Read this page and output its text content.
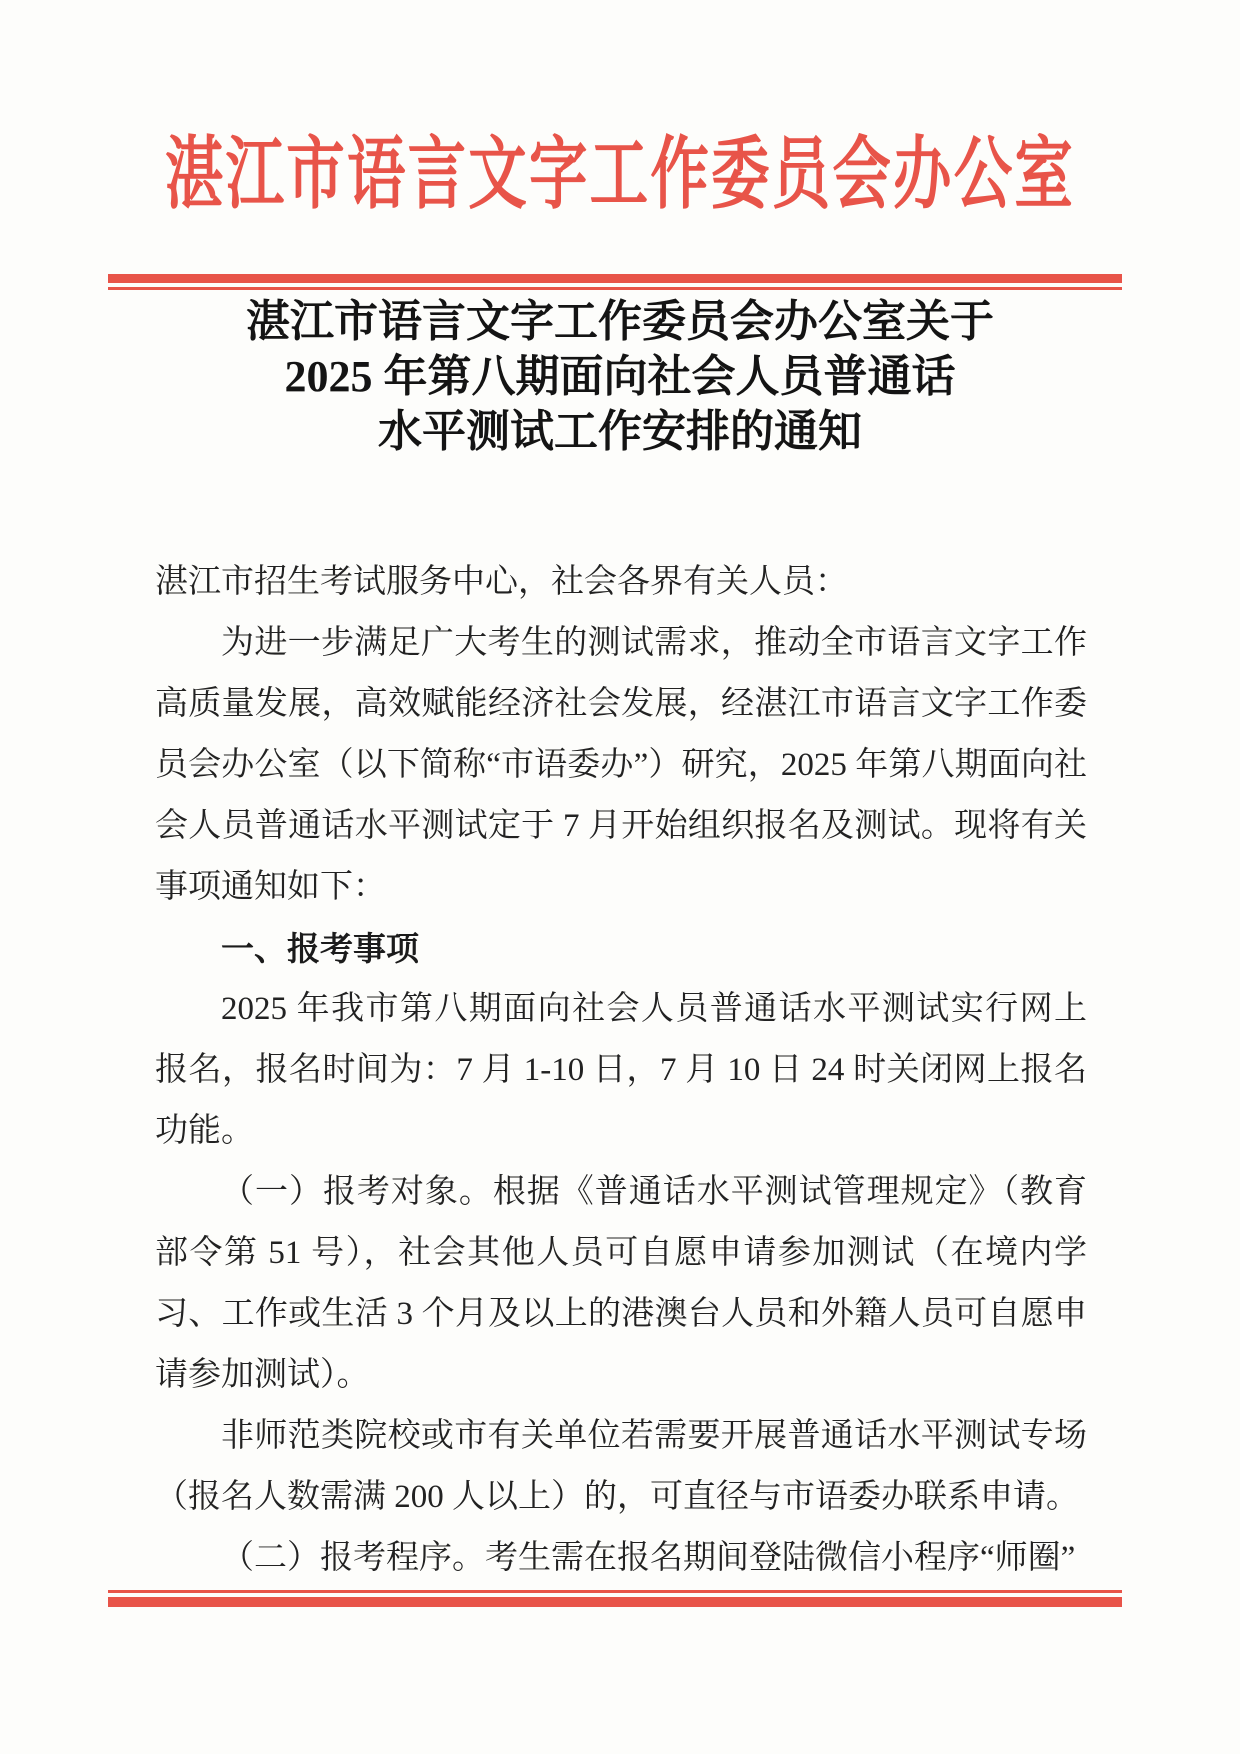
湛江市语言文字工作委员会办公室
湛江市语言文字工作委员会办公室关于
2025 年第八期面向社会人员普通话
水平测试工作安排的通知

湛江市招生考试服务中心，社会各界有关人员：

为进一步满足广大考生的测试需求，推动全市语言文字工作高质量发展，高效赋能经济社会发展，经湛江市语言文字工作委员会办公室（以下简称“市语委办”）研究，2025 年第八期面向社会人员普通话水平测试定于 7 月开始组织报名及测试。现将有关事项通知如下：

一、报考事项

2025 年我市第八期面向社会人员普通话水平测试实行网上报名，报名时间为：7 月 1-10 日，7 月 10 日 24 时关闭网上报名功能。

（一）报考对象。根据《普通话水平测试管理规定》（教育部令第 51 号），社会其他人员可自愿申请参加测试（在境内学习、工作或生活 3 个月及以上的港澳台人员和外籍人员可自愿申请参加测试）。

非师范类院校或市有关单位若需要开展普通话水平测试专场（报名人数需满 200 人以上）的，可直径与市语委办联系申请。

（二）报考程序。考生需在报名期间登陆微信小程序“师圈”
